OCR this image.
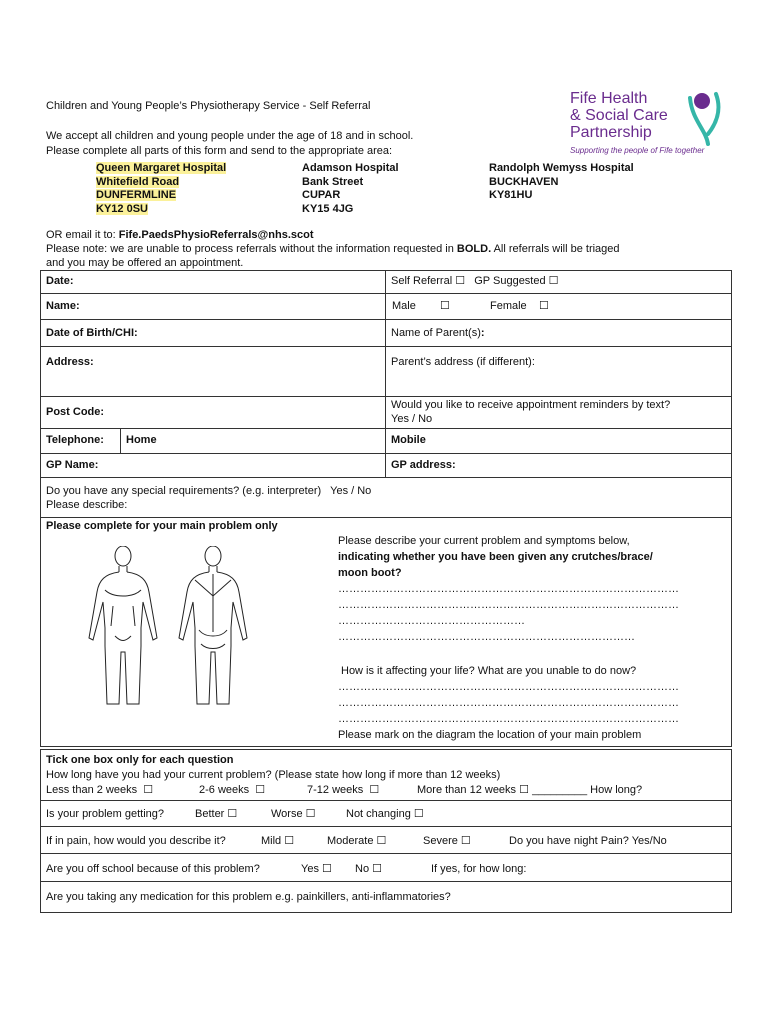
Children and Young People’s Physiotherapy Service - Self Referral
We accept all children and young people under the age of 18 and in school.
Please complete all parts of this form and send to the appropriate area:
Fife Health
& Social Care
Partnership
Supporting the people of Fife together
Queen Margaret Hospital
Whitefield Road
DUNFERMLINE
KY12 0SU
Adamson Hospital
Bank Street
CUPAR
KY15 4JG
Randolph Wemyss Hospital
BUCKHAVEN
KY81HU
OR email it to: Fife.PaedsPhysioReferrals@nhs.scot
Please note: we are unable to process referrals without the information requested in BOLD. All referrals will be triaged
and you may be offered an appointment.
Date:	Self Referral ☐ GP Suggested ☐
Name:	Male ☐	Female ☐
Date of Birth/CHI:	Name of Parent(s):
Address:	Parent’s address (if different):
Post Code:
Would you like to receive appointment reminders by text?
Yes / No
Telephone:	Home	Mobile
GP Name:	GP address:
Do you have any special requirements? (e.g. interpreter) Yes / No
Please describe:
Please complete for your main problem only
Please describe your current problem and symptoms below,
indicating whether you have been given any crutches/brace/
moon boot?
…………………………………………………………………………………
…………………………………………………………………………………
……………………………………………
………………………………………………………………………
How is it affecting your life? What are you unable to do now?
…………………………………………………………………………………
…………………………………………………………………………………
…………………………………………………………………………………
Please mark on the diagram the location of your main problem
Tick one box only for each question
How long have you had your current problem? (Please state how long if more than 12 weeks)
Less than 2 weeks ☐	2-6 weeks ☐	7-12 weeks ☐	More than 12 weeks ☐ _________ How long?
Is your problem getting?	Better ☐	Worse ☐	Not changing ☐
If in pain, how would you describe it?	Mild ☐	Moderate ☐	Severe ☐	Do you have night Pain? Yes/No
Are you off school because of this problem?	Yes ☐ No ☐	If yes, for how long:
Are you taking any medication for this problem e.g. painkillers, anti-inflammatories?
